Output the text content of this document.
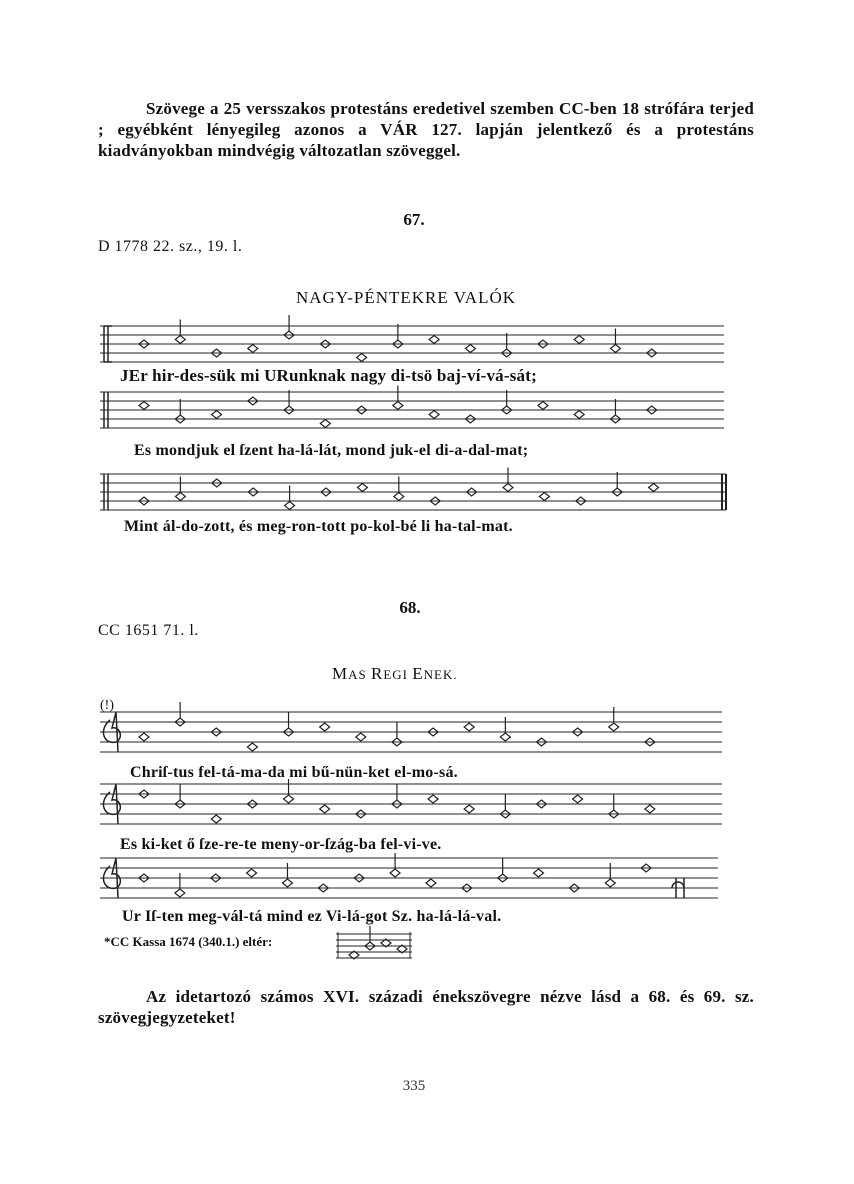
Szövege a 25 versszakos protestáns eredetivel szemben CC-ben 18 strófára terjed ; egyébként lényegileg azonos a VÁR 127. lapján jelentkező és a protestáns kiadványokban mindvégig változatlan szöveggel.
67.
D 1778 22. sz., 19. l.
NAGY-PÉNTEKRE VALÓK
JEr hir-des-sük mi URunknak nagy di-tsö baj-ví-vá-sát;
Es mondjuk el ſzent ha-lá-lát, mond juk-el di-a-dal-mat;
Mint ál-do-zott, és meg-ron-tott po-kol-bé li ha-tal-mat.
68.
CC 1651 71. l.
MAS REGI ENEK.
(!)
Chriſ-tus fel-tá-ma-da mi bű-nün-ket el-mo-sá.
Es ki-ket ő ſze-re-te meny-or-ſzág-ba fel-vi-ve.
Ur Iſ-ten meg-vál-tá mind ez Vi-lá-got Sz. ha-lá-lá-val.
*CC Kassa 1674 (340.1.) eltér:
Az idetartozó számos XVI. századi énekszövegre nézve lásd a 68. és 69. sz. szövegjegyzeteket!
335
